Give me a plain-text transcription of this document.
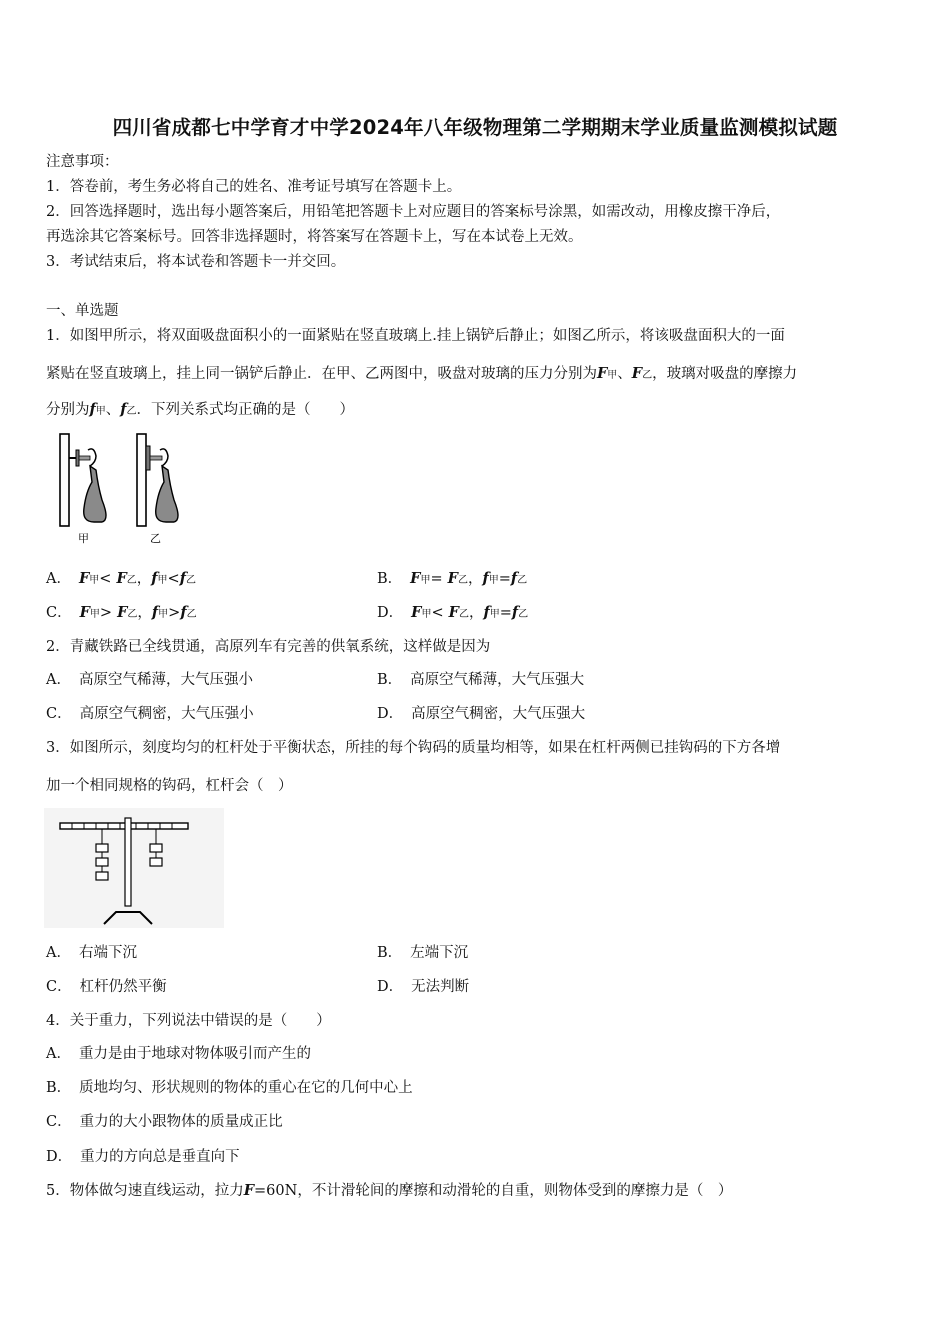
四川省成都七中学育才中学2024年八年级物理第二学期期末学业质量监测模拟试题
注意事项：
1．答卷前，考生务必将自己的姓名、准考证号填写在答题卡上。
2．回答选择题时，选出每小题答案后，用铅笔把答题卡上对应题目的答案标号涂黑，如需改动，用橡皮擦干净后，
再选涂其它答案标号。回答非选择题时，将答案写在答题卡上，写在本试卷上无效。
3．考试结束后，将本试卷和答题卡一并交回。
一、单选题
1．如图甲所示，将双面吸盘面积小的一面紧贴在竖直玻璃上.挂上锅铲后静止；如图乙所示，将该吸盘面积大的一面
紧贴在竖直玻璃上，挂上同一锅铲后静止．在甲、乙两图中，吸盘对玻璃的压力分别为F甲、F乙，玻璃对吸盘的摩擦力
分别为f甲、f乙．下列关系式均正确的是（　　）
甲	乙
A． F甲< F乙，f甲<f乙	B． F甲= F乙，f甲=f乙
C． F甲> F乙，f甲>f乙	D． F甲< F乙，f甲=f乙
2．青藏铁路已全线贯通，高原列车有完善的供氧系统，这样做是因为
A． 高原空气稀薄，大气压强小	B． 高原空气稀薄，大气压强大
C． 高原空气稠密，大气压强小	D． 高原空气稠密，大气压强大
3．如图所示，刻度均匀的杠杆处于平衡状态，所挂的每个钩码的质量均相等，如果在杠杆两侧已挂钩码的下方各增
加一个相同规格的钩码，杠杆会（　）
A． 右端下沉	B． 左端下沉
C． 杠杆仍然平衡	D． 无法判断
4．关于重力，下列说法中错误的是（　　）
A． 重力是由于地球对物体吸引而产生的
B． 质地均匀、形状规则的物体的重心在它的几何中心上
C． 重力的大小跟物体的质量成正比
D． 重力的方向总是垂直向下
5．物体做匀速直线运动，拉力F=60N，不计滑轮间的摩擦和动滑轮的自重，则物体受到的摩擦力是（　）
